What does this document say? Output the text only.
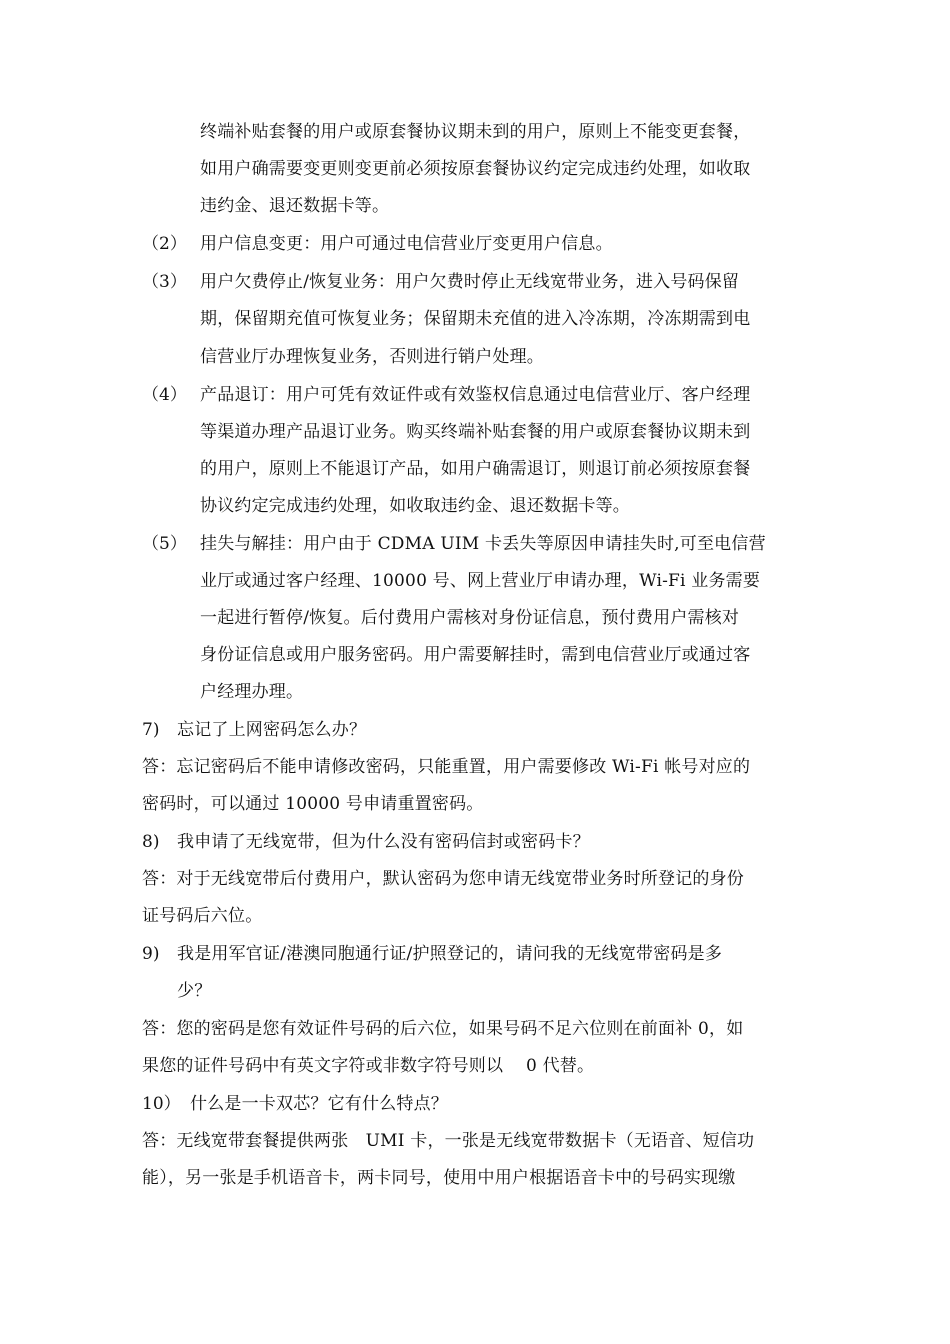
终端补贴套餐的用户或原套餐协议期未到的用户，原则上不能变更套餐，
如用户确需要变更则变更前必须按原套餐协议约定完成违约处理，如收取
违约金、退还数据卡等。
（2） 用户信息变更：用户可通过电信营业厅变更用户信息。
（3） 用户欠费停止/恢复业务：用户欠费时停止无线宽带业务，进入号码保留
期，保留期充值可恢复业务；保留期未充值的进入冷冻期，冷冻期需到电
信营业厅办理恢复业务，否则进行销户处理。
（4） 产品退订：用户可凭有效证件或有效鉴权信息通过电信营业厅、客户经理
等渠道办理产品退订业务。购买终端补贴套餐的用户或原套餐协议期未到
的用户，原则上不能退订产品，如用户确需退订，则退订前必须按原套餐
协议约定完成违约处理，如收取违约金、退还数据卡等。
（5） 挂失与解挂：用户由于 CDMA UIM 卡丢失等原因申请挂失时,可至电信营
业厅或通过客户经理、10000 号、网上营业厅申请办理，Wi-Fi 业务需要
一起进行暂停/恢复。后付费用户需核对身份证信息，预付费用户需核对
身份证信息或用户服务密码。用户需要解挂时，需到电信营业厅或通过客
户经理办理。
7) 忘记了上网密码怎么办？
答：忘记密码后不能申请修改密码，只能重置，用户需要修改 Wi-Fi 帐号对应的
密码时，可以通过 10000 号申请重置密码。
8) 我申请了无线宽带，但为什么没有密码信封或密码卡？
答：对于无线宽带后付费用户，默认密码为您申请无线宽带业务时所登记的身份
证号码后六位。
9) 我是用军官证/港澳同胞通行证/护照登记的，请问我的无线宽带密码是多
少？
答：您的密码是您有效证件号码的后六位，如果号码不足六位则在前面补 0，如
果您的证件号码中有英文字符或非数字符号则以　 0 代替。
10） 什么是一卡双芯？它有什么特点？
答：无线宽带套餐提供两张　UMI 卡，一张是无线宽带数据卡（无语音、短信功
能），另一张是手机语音卡，两卡同号，使用中用户根据语音卡中的号码实现缴
